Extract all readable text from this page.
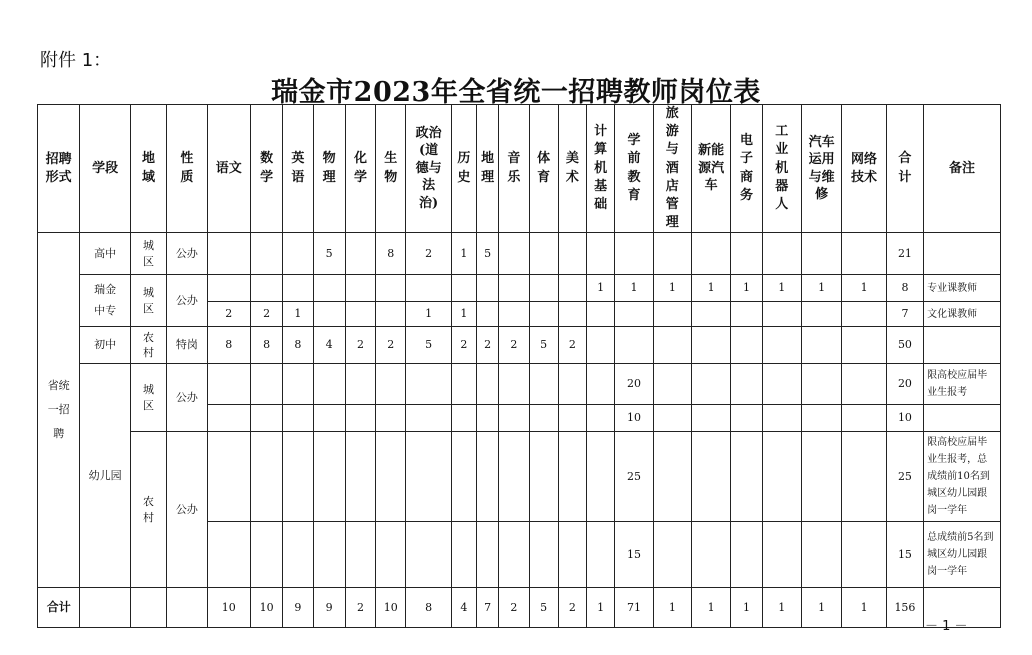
附件 1：
瑞金市2023年全省统一招聘教师岗位表
招聘形式	学段	地域	性质	语文	数学	英语	物理	化学	生物	政治(道德与法治)	历史	地理	音乐	体育	美术	计算机基础	学前教育	旅游与酒店管理	新能源汽车	电子商务	工业机器人	汽车运用与维修	网络技术	合计	备注
省统一招聘	高中	城区	公办				5		8	2	1	5												21	
	瑞金中专	城区	公办													1	1	1	1	1	1	1	1	8	专业课教师
				2	2	1				1	1													7	文化课教师
	初中	农村	特岗	8	8	8	4	2	2	5	2	2	2	5	2									50	
	幼儿园	城区	公办														20							20	限高校应届毕业生报考
																	10							10	
		农村	公办														25							25	限高校应届毕业生报考，总成绩前10名到城区幼儿园跟岗一学年
																	15							15	总成绩前5名到城区幼儿园跟岗一学年
合计				10	10	9	9	2	10	8	4	7	2	5	2	1	71	1	1	1	1	1	1	156	
－ 1 －
